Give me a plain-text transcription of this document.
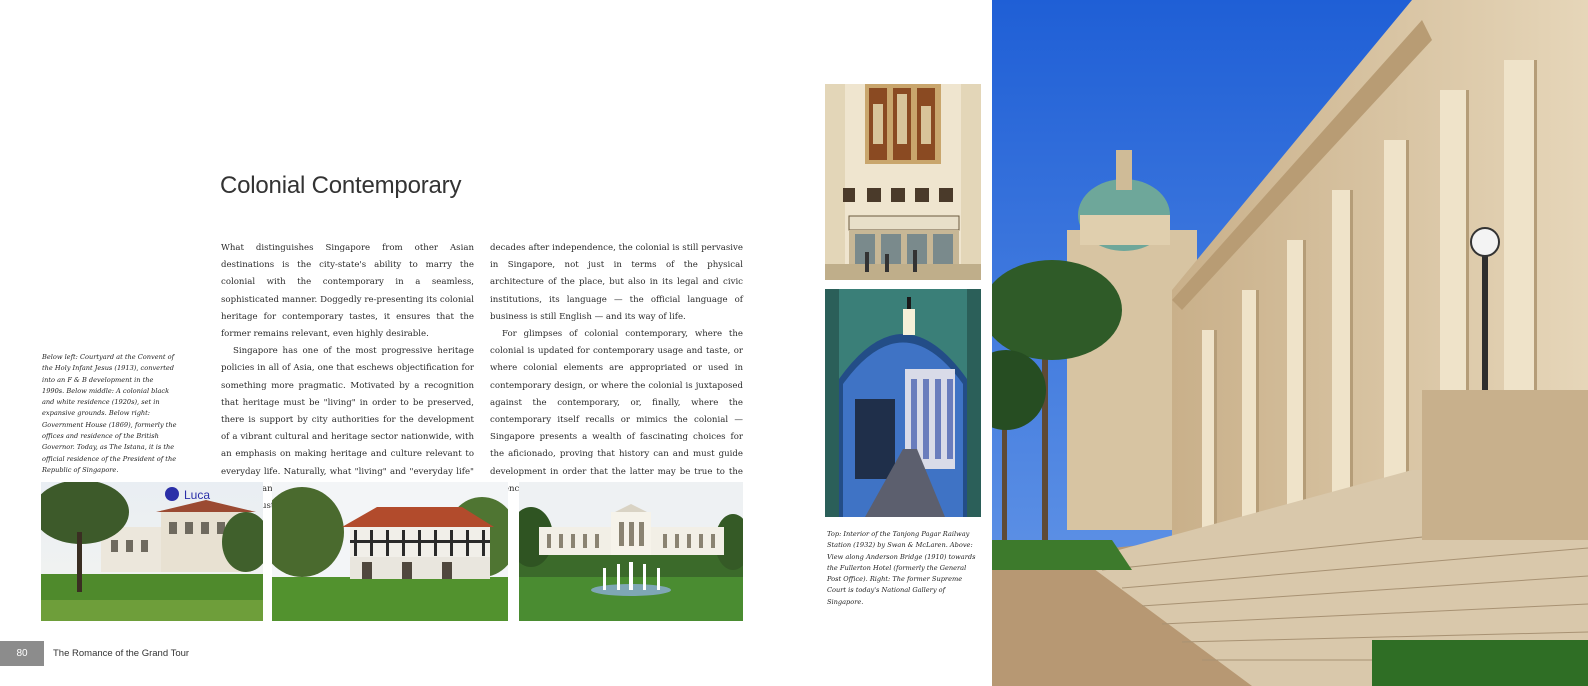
Colonial Contemporary

What distinguishes Singapore from other Asian destinations is the city-state's ability to marry the colonial with the contemporary in a seamless, sophisticated manner. Doggedly re-presenting its colonial heritage for contemporary tastes, it ensures that the former remains relevant, even highly desirable.

Singapore has one of the most progressive heritage policies in all of Asia, one that eschews objectification for something more pragmatic. Motivated by a recognition that heritage must be "living" in order to be preserved, there is support by city authorities for the development of a vibrant cultural and heritage sector nationwide, with an emphasis on making heritage and culture relevant to everyday life. Naturally, what "living" and "everyday life" changes must

decades after independence, the colonial is still pervasive in Singapore, not just in terms of the physical architecture of the place, but also in its legal and civic institutions, its language — the official language of business is still English — and its way of life.

For glimpses of colonial contemporary, where the colonial is updated for contemporary usage and taste, or where colonial elements are appropriated or used in contemporary design, or where the colonial is juxtaposed against the contemporary, or, finally, where the contemporary itself recalls or mimics the colonial — Singapore presents a wealth of fascinating choices for the aficionado, proving that history can and must guide development in order that the latter may be true to the

Below left: Courtyard at the Convent of the Holy Infant Jesus (1913), converted into an F & B development in the 1990s. Below middle: A colonial black and white residence (1920s), set in expansive grounds. Below right: Government House (1869), formerly the offices and residence of the British Governor. Today, as The Istana, it is the official residence of the President of the Republic of Singapore.
Top: Interior of the Tanjong Pagar Railway Station (1932) by Swan & McLaren. Above: View along Anderson Bridge (1910) towards the Fullerton Hotel (formerly the General Post Office). Right: The former Supreme Court is today's National Gallery of Singapore.
Luca
80	The Romance of the Grand Tour
